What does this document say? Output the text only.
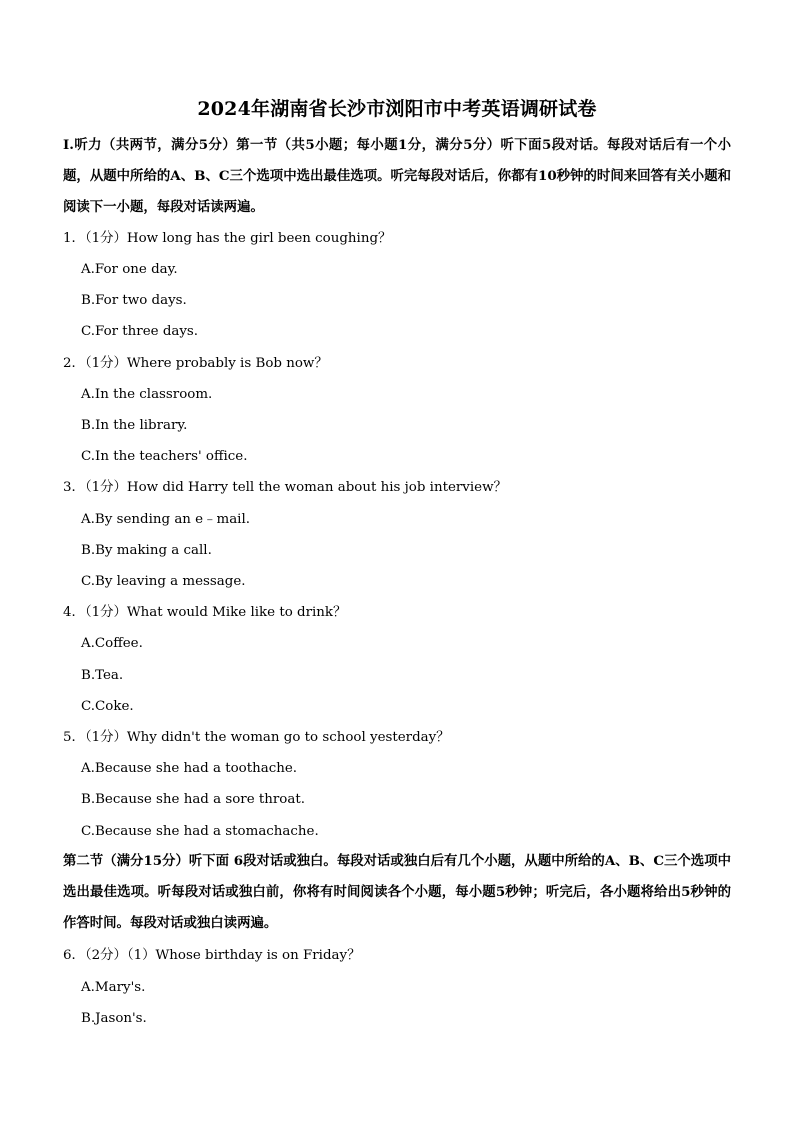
2024年湖南省长沙市浏阳市中考英语调研试卷
I.听力（共两节，满分5分）第一节（共5小题；每小题1分，满分5分）听下面5段对话。每段对话后有一个小题，从题中所给的A、B、C三个选项中选出最佳选项。听完每段对话后，你都有10秒钟的时间来回答有关小题和阅读下一小题，每段对话读两遍。
1．（1分）How long has the girl been coughing？
A.For one day.
B.For two days.
C.For three days.
2．（1分）Where probably is Bob now？
A.In the classroom.
B.In the library.
C.In the teachers' office.
3．（1分）How did Harry tell the woman about his job interview？
A.By sending an e﹣mail.
B.By making a call.
C.By leaving a message.
4．（1分）What would Mike like to drink？
A.Coffee.
B.Tea.
C.Coke.
5．（1分）Why didn't the woman go to school yesterday？
A.Because she had a toothache.
B.Because she had a sore throat.
C.Because she had a stomachache.
第二节（满分15分）听下面 6段对话或独白。每段对话或独白后有几个小题，从题中所给的A、B、C三个选项中选出最佳选项。听每段对话或独白前，你将有时间阅读各个小题，每小题5秒钟；听完后，各小题将给出5秒钟的作答时间。每段对话或独白读两遍。
6．（2分）（1）Whose birthday is on Friday？
A.Mary's.
B.Jason's.
